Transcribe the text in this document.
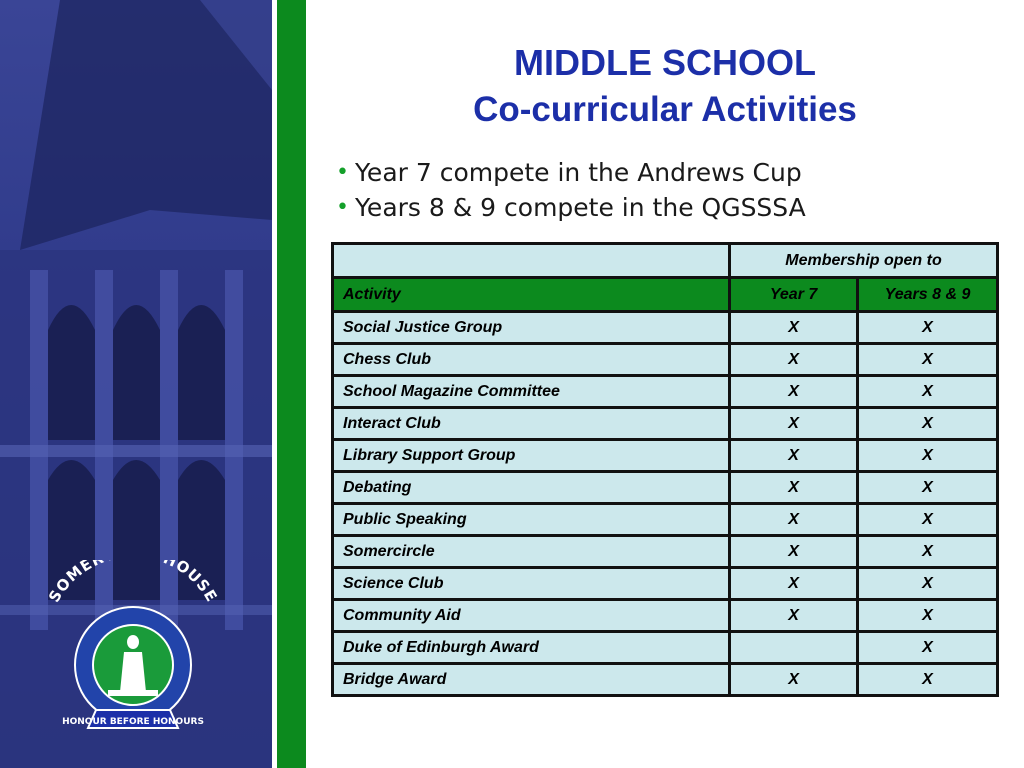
SOME HOUSE
HONOUR BEFORE HONOURS
MIDDLE SCHOOL
Co-curricular Activities
• Year 7 compete in the Andrews Cup
• Years 8 & 9 compete in the QGSSSA
	Membership open to	
Activity	Year 7	Years 8 & 9
Social Justice Group	X	X
Chess Club	X	X
School Magazine Committee	X	X
Interact Club	X	X
Library Support Group	X	X
Debating	X	X
Public Speaking	X	X
Somercircle	X	X
Science Club	X	X
Community Aid	X	X
Duke of Edinburgh Award		X
Bridge Award	X	X
